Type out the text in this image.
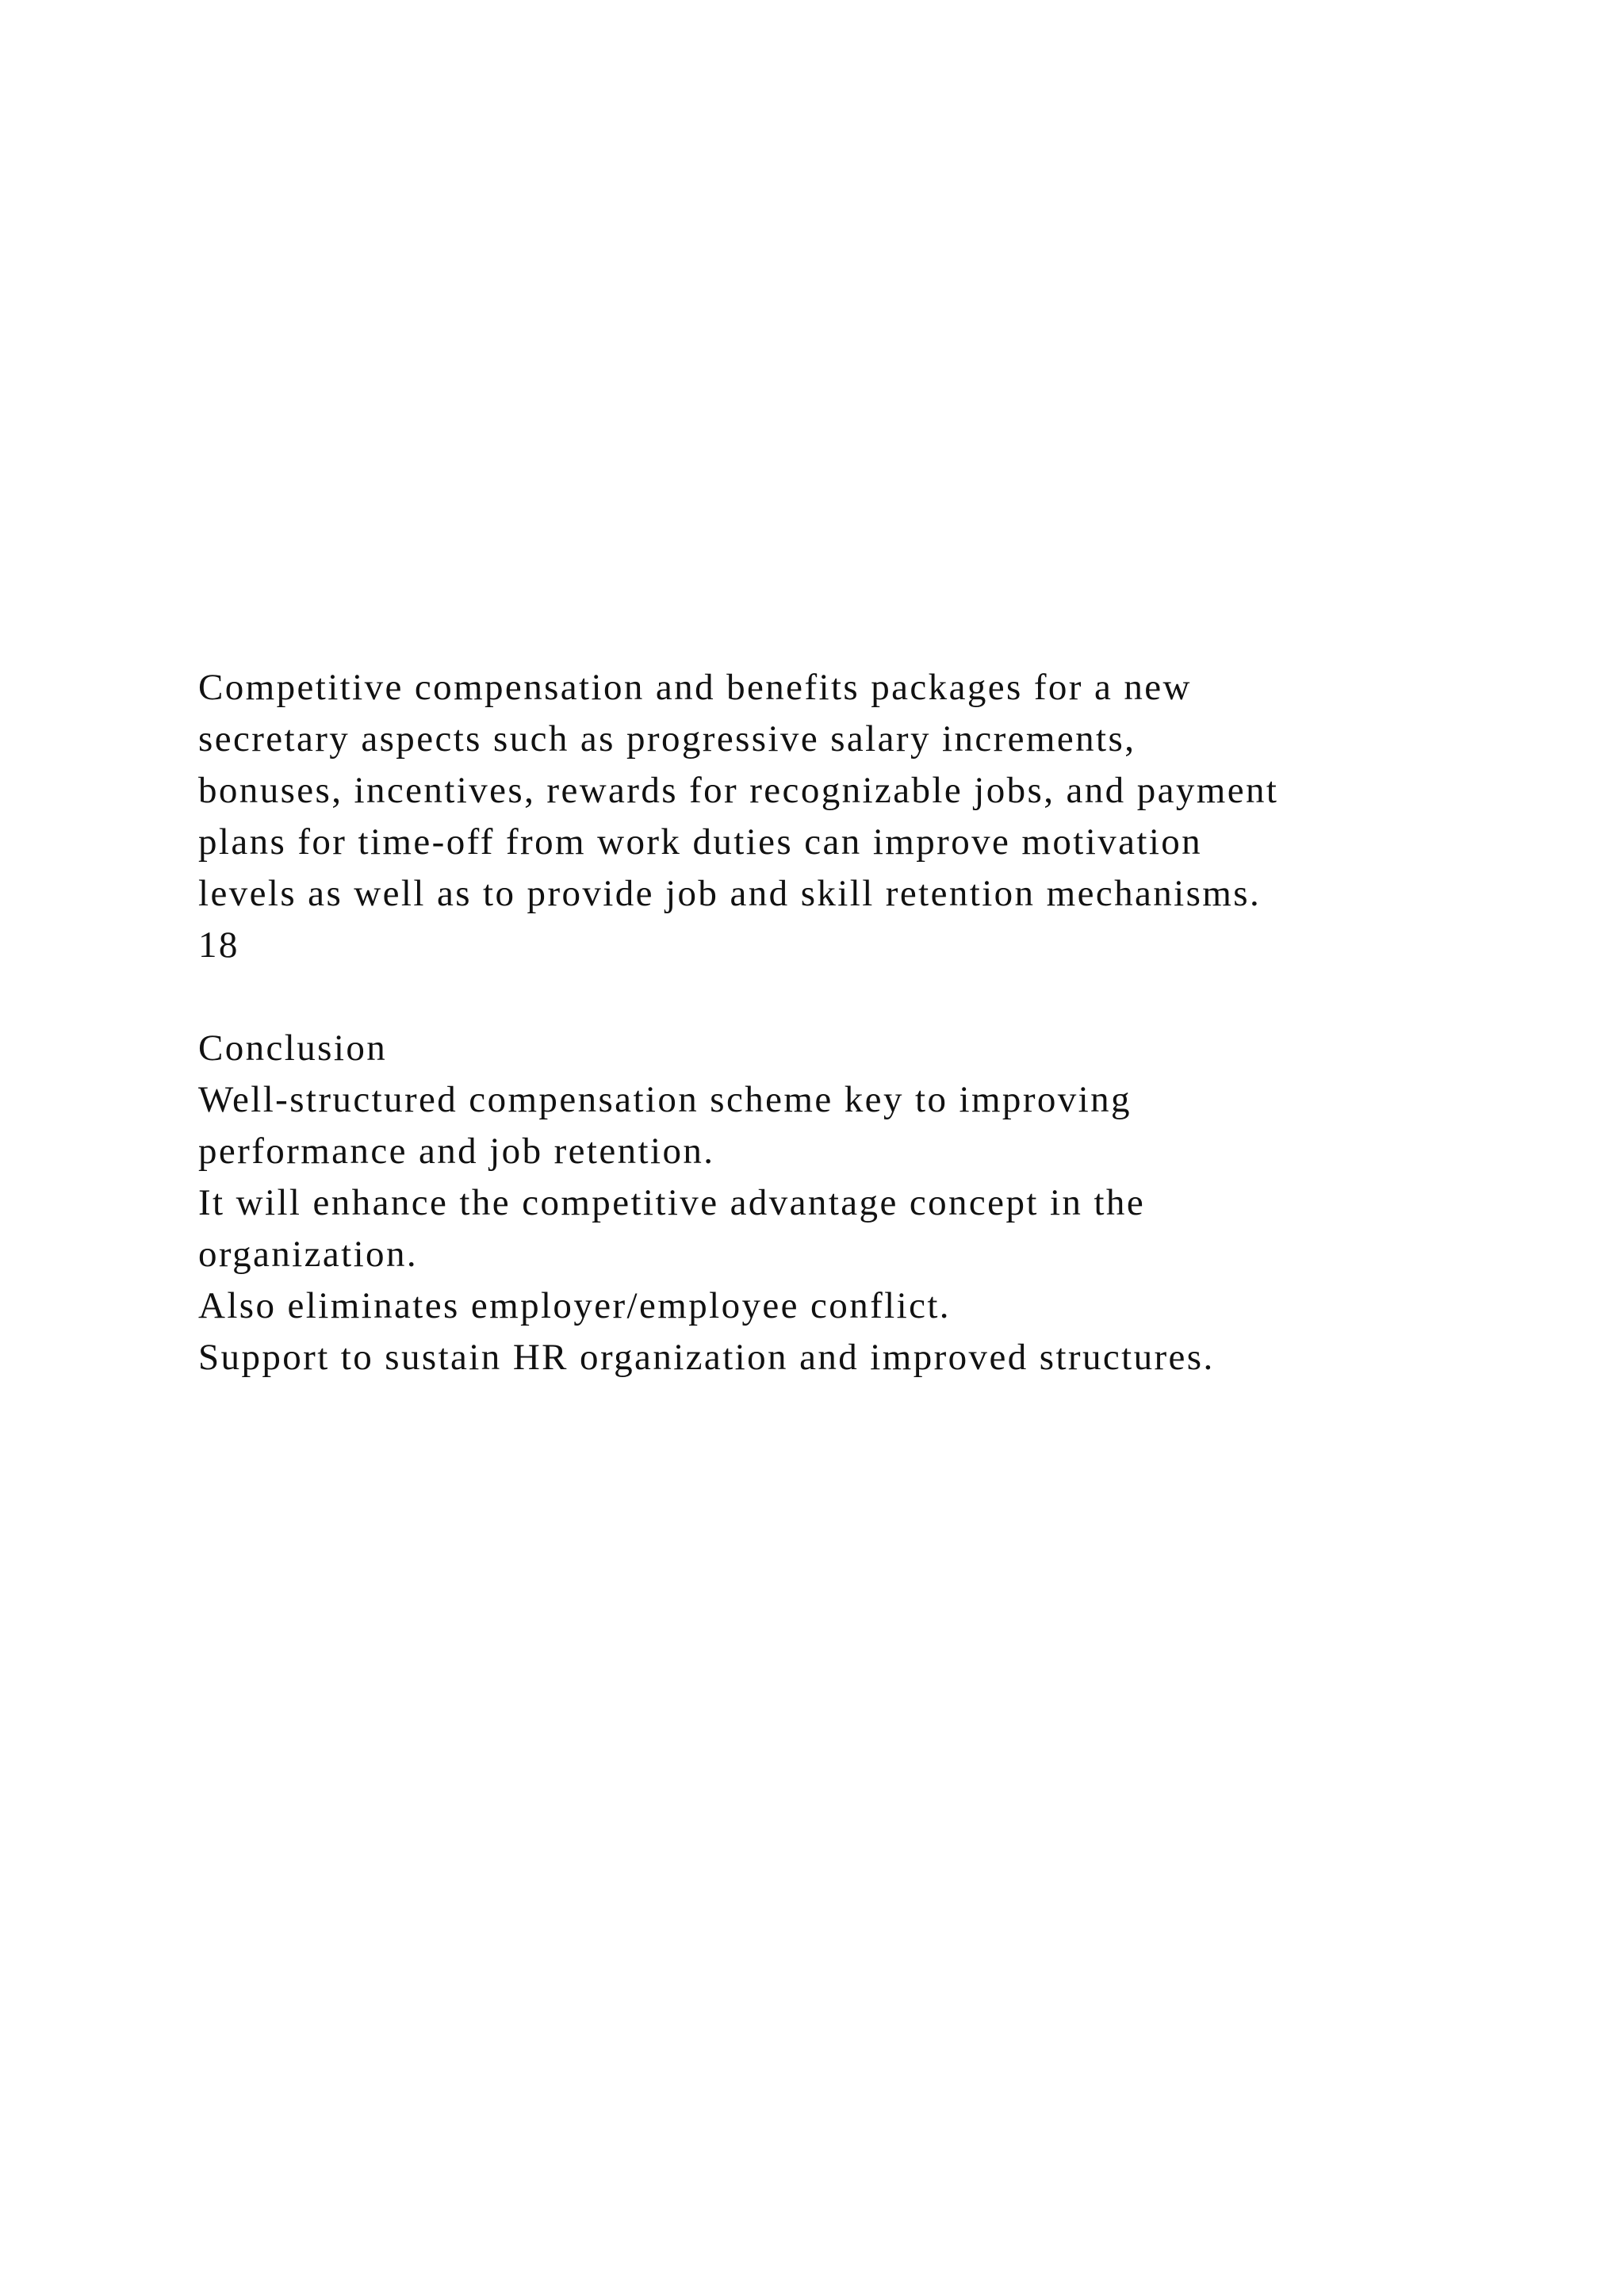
Competitive compensation and benefits packages for a new
secretary aspects such as progressive salary increments,
bonuses, incentives, rewards for recognizable jobs, and payment
plans for time-off from work duties can improve motivation
levels as well as to provide job and skill retention mechanisms.
18
Conclusion
Well-structured compensation scheme key to improving
performance and job retention.
It will enhance the competitive advantage concept in the
organization.
Also eliminates employer/employee conflict.
Support to sustain HR organization and improved structures.
